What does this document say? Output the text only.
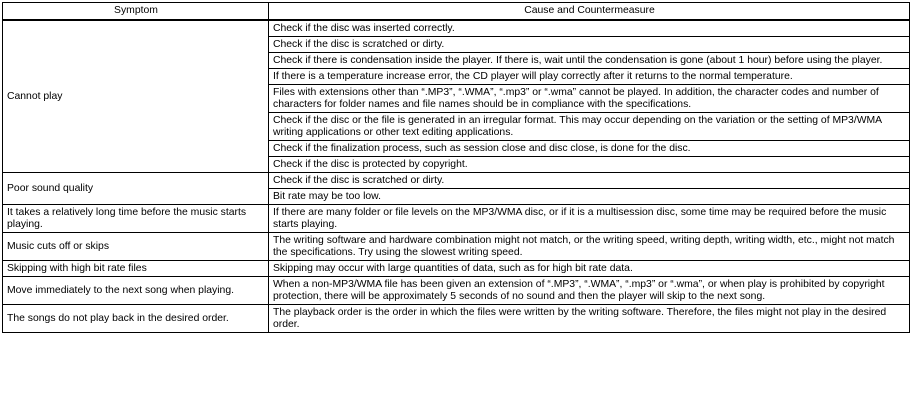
Symptom	Cause and Countermeasure
Cannot play	Check if the disc was inserted correctly.
	Check if the disc is scratched or dirty.
	Check if there is condensation inside the player. If there is, wait until the condensation is gone (about 1 hour) before using the player.
	If there is a temperature increase error, the CD player will play correctly after it returns to the normal temperature.
	Files with extensions other than “.MP3”, “.WMA”, “.mp3” or “.wma” cannot be played. In addition, the character codes and number of characters for folder names and file names should be in compliance with the specifications.
	Check if the disc or the file is generated in an irregular format. This may occur depending on the variation or the setting of MP3/WMA writing applications or other text editing applications.
	Check if the finalization process, such as session close and disc close, is done for the disc.
	Check if the disc is protected by copyright.
Poor sound quality	Check if the disc is scratched or dirty.
	Bit rate may be too low.
It takes a relatively long time before the music starts playing.	If there are many folder or file levels on the MP3/WMA disc, or if it is a multisession disc, some time may be required before the music starts playing.
Music cuts off or skips	The writing software and hardware combination might not match, or the writing speed, writing depth, writing width, etc., might not match the specifications. Try using the slowest writing speed.
Skipping with high bit rate files	Skipping may occur with large quantities of data, such as for high bit rate data.
Move immediately to the next song when playing.	When a non-MP3/WMA file has been given an extension of “.MP3”, “.WMA”, “.mp3” or “.wma”, or when play is prohibited by copyright protection, there will be approximately 5 seconds of no sound and then the player will skip to the next song.
The songs do not play back in the desired order.	The playback order is the order in which the files were written by the writing software. Therefore, the files might not play in the desired order.
